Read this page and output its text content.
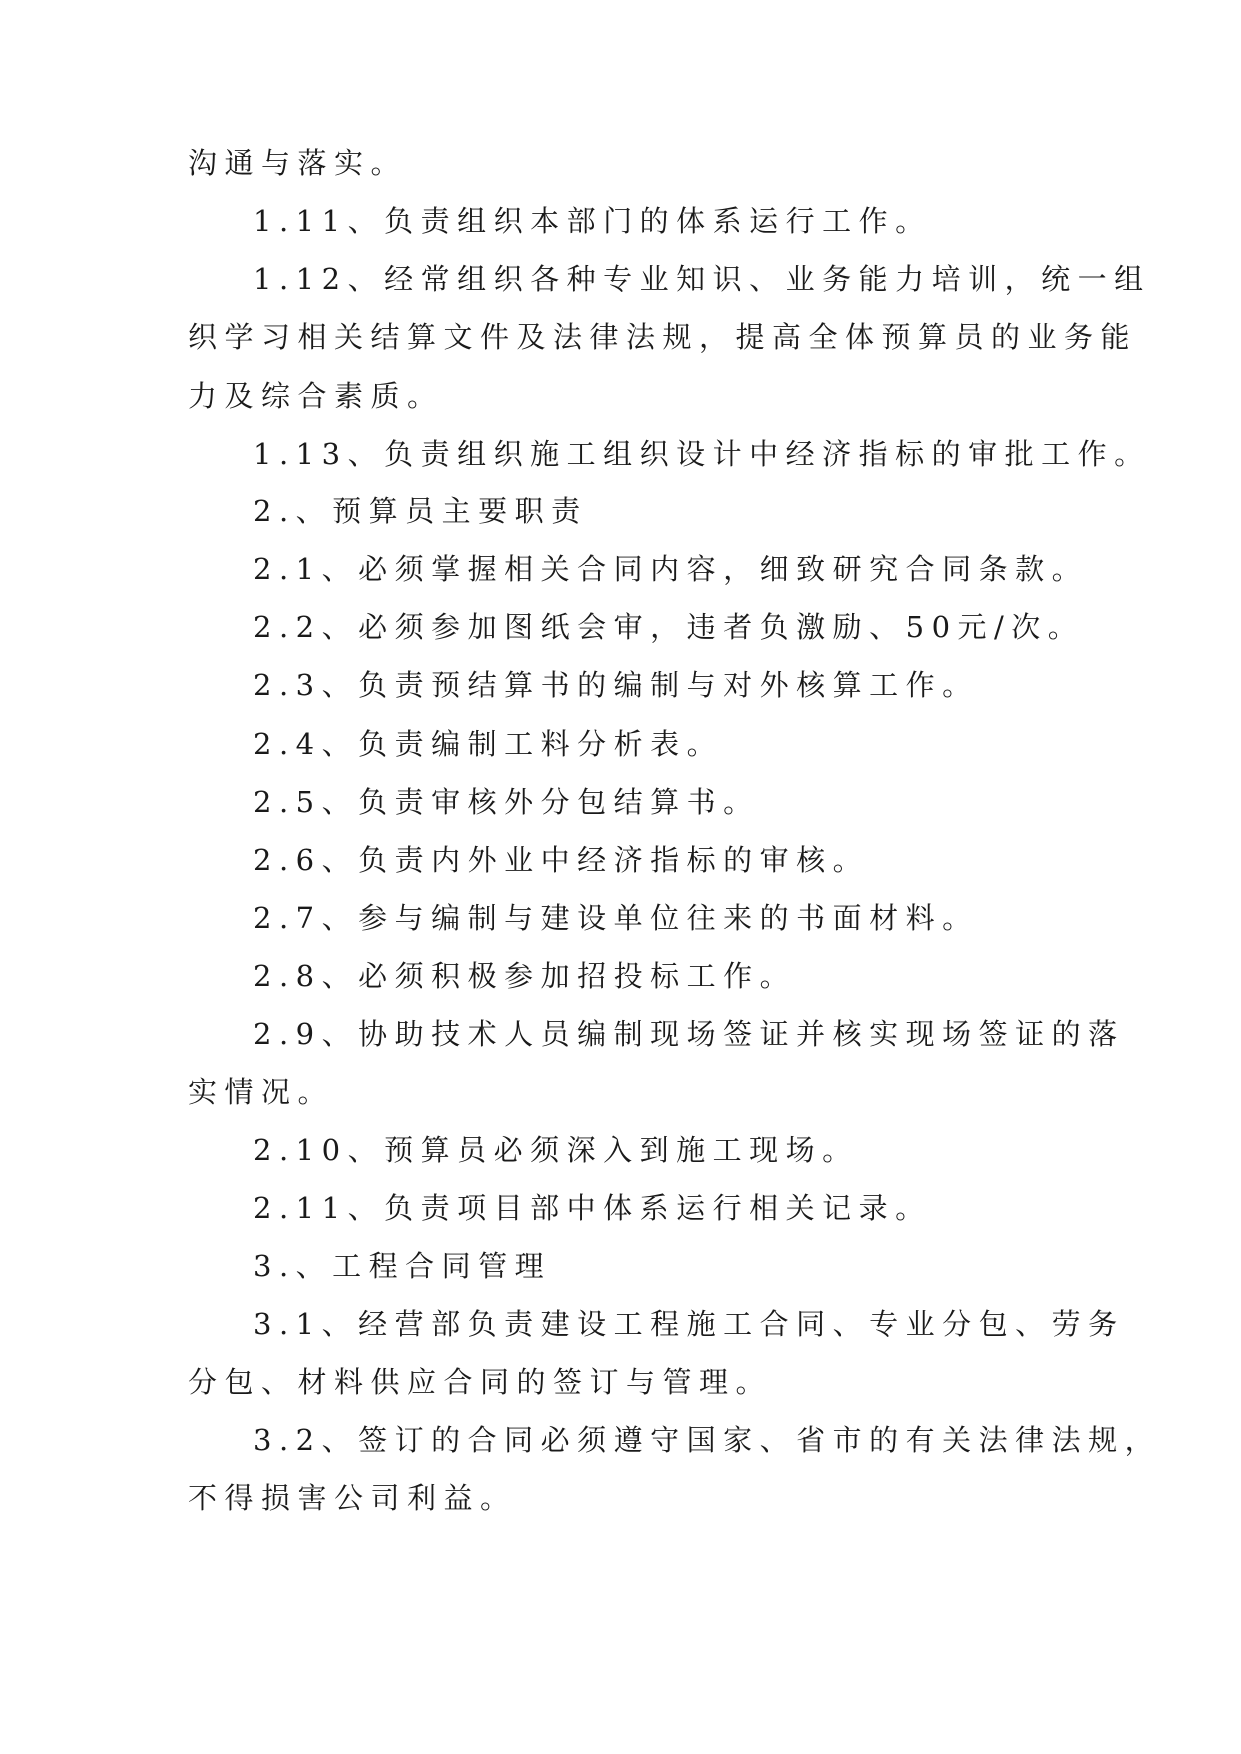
沟通与落实。
1.11、负责组织本部门的体系运行工作。
1.12、经常组织各种专业知识、业务能力培训，统一组
织学习相关结算文件及法律法规，提高全体预算员的业务能
力及综合素质。
1.13、负责组织施工组织设计中经济指标的审批工作。
2.、预算员主要职责
2.1、必须掌握相关合同内容，细致研究合同条款。
2.2、必须参加图纸会审，违者负激励、50元/次。
2.3、负责预结算书的编制与对外核算工作。
2.4、负责编制工料分析表。
2.5、负责审核外分包结算书。
2.6、负责内外业中经济指标的审核。
2.7、参与编制与建设单位往来的书面材料。
2.8、必须积极参加招投标工作。
2.9、协助技术人员编制现场签证并核实现场签证的落
实情况。
2.10、预算员必须深入到施工现场。
2.11、负责项目部中体系运行相关记录。
3.、工程合同管理
3.1、经营部负责建设工程施工合同、专业分包、劳务
分包、材料供应合同的签订与管理。
3.2、签订的合同必须遵守国家、省市的有关法律法规，
不得损害公司利益。
